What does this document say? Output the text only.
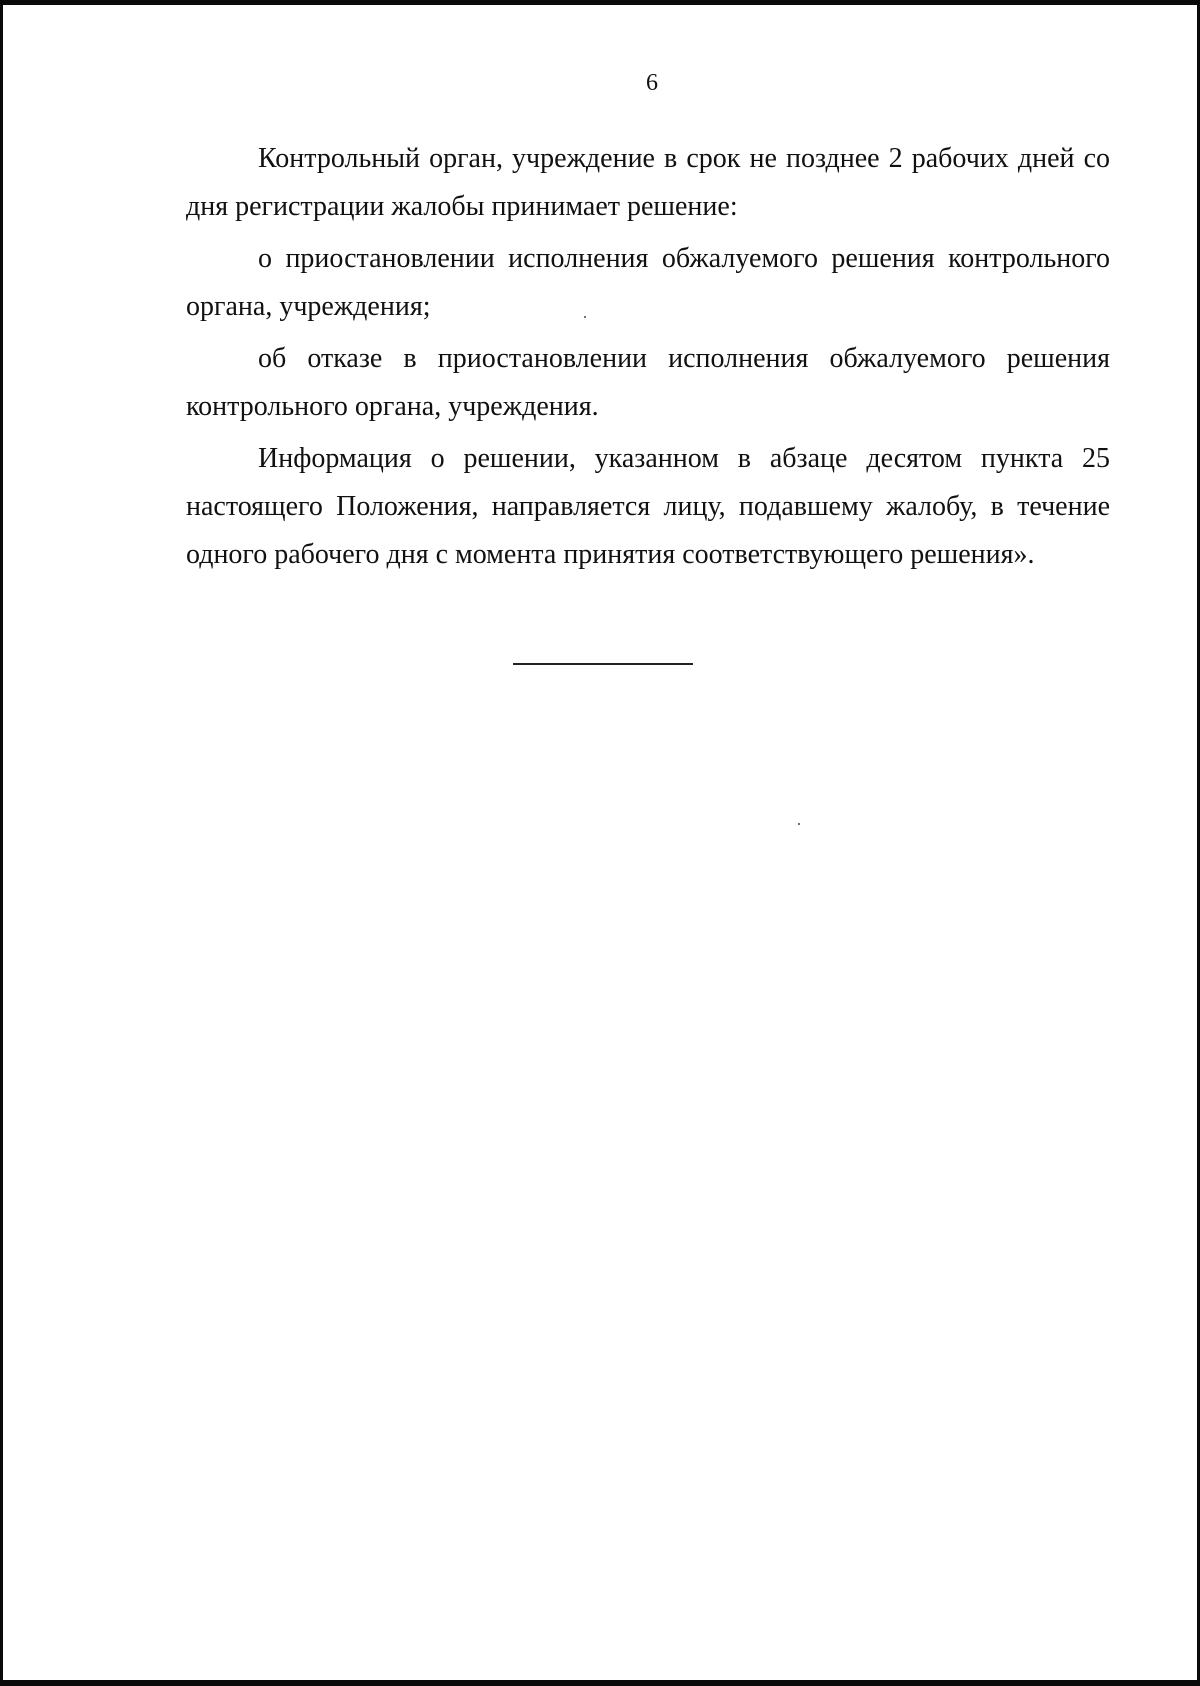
6

Контрольный орган, учреждение в срок не позднее 2 рабочих дней со дня регистрации жалобы принимает решение:

о приостановлении исполнения обжалуемого решения контрольного органа, учреждения;

об отказе в приостановлении исполнения обжалуемого решения контрольного органа, учреждения.

Информация о решении, указанном в абзаце десятом пункта 25 настоящего Положения, направляется лицу, подавшему жалобу, в течение одного рабочего дня с момента принятия соответствующего решения».
